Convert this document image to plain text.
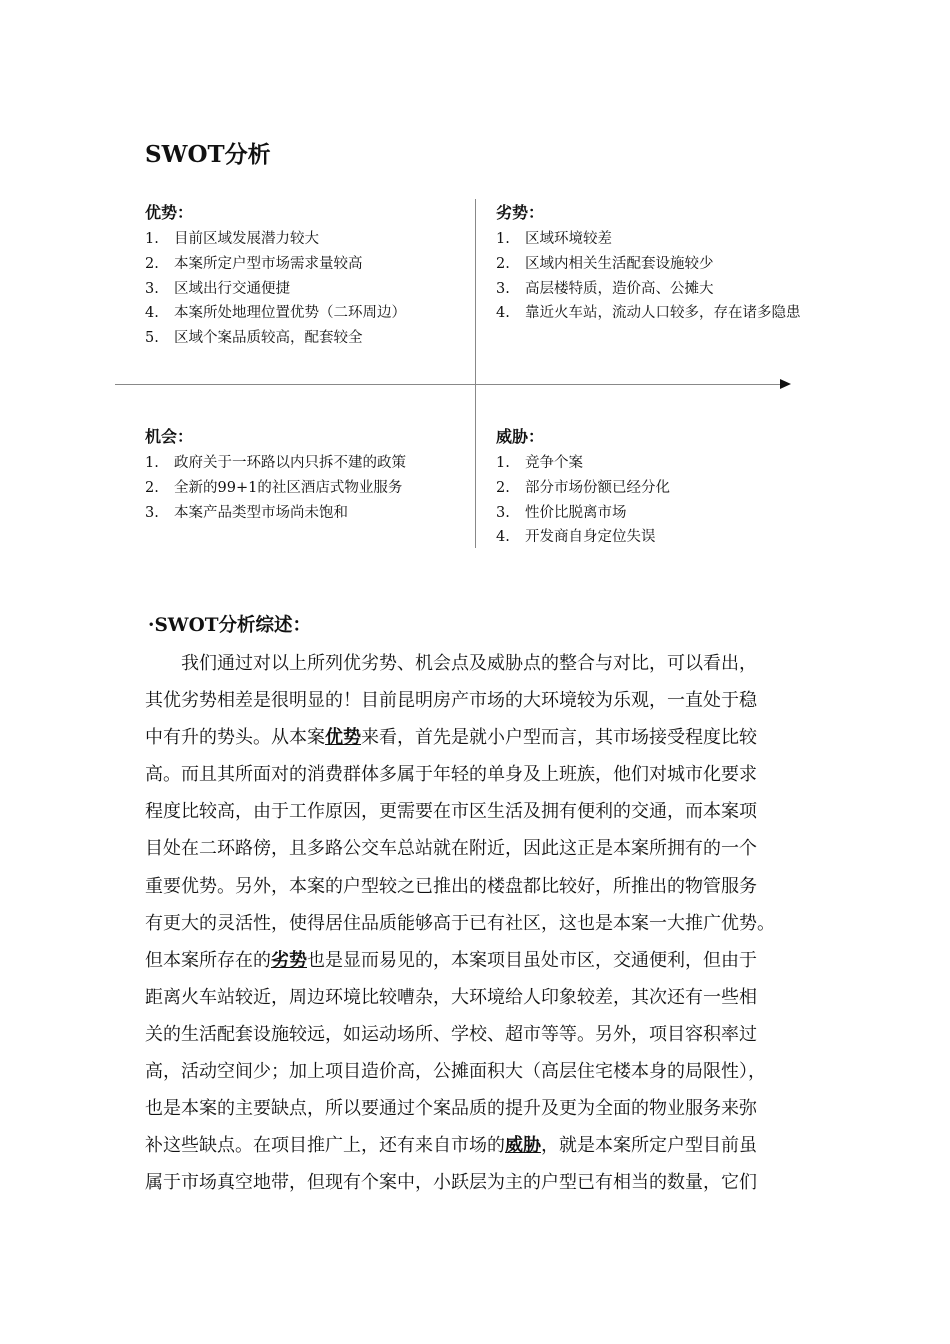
SWOT分析
优势：
1.	目前区域发展潜力较大
2.	本案所定户型市场需求量较高
3.	区域出行交通便捷
4.	本案所处地理位置优势（二环周边）
5.	区域个案品质较高，配套较全
劣势：
1.	区域环境较差
2.	区域内相关生活配套设施较少
3.	高层楼特质，造价高、公摊大
4.	靠近火车站，流动人口较多，存在诸多隐患
机会：
1.	政府关于一环路以内只拆不建的政策
2.	全新的99+1的社区酒店式物业服务
3.	本案产品类型市场尚未饱和
威胁：
1.	竞争个案
2.	部分市场份额已经分化
3.	性价比脱离市场
4.	开发商自身定位失误
·SWOT分析综述：
　　我们通过对以上所列优劣势、机会点及威胁点的整合与对比，可以看出，
其优劣势相差是很明显的！目前昆明房产市场的大环境较为乐观，一直处于稳
中有升的势头。从本案优势来看，首先是就小户型而言，其市场接受程度比较
高。而且其所面对的消费群体多属于年轻的单身及上班族，他们对城市化要求
程度比较高，由于工作原因，更需要在市区生活及拥有便利的交通，而本案项
目处在二环路傍，且多路公交车总站就在附近，因此这正是本案所拥有的一个
重要优势。另外，本案的户型较之已推出的楼盘都比较好，所推出的物管服务
有更大的灵活性，使得居住品质能够高于已有社区，这也是本案一大推广优势。
但本案所存在的劣势也是显而易见的，本案项目虽处市区，交通便利，但由于
距离火车站较近，周边环境比较嘈杂，大环境给人印象较差，其次还有一些相
关的生活配套设施较远，如运动场所、学校、超市等等。另外，项目容积率过
高，活动空间少；加上项目造价高，公摊面积大（高层住宅楼本身的局限性），
也是本案的主要缺点，所以要通过个案品质的提升及更为全面的物业服务来弥
补这些缺点。在项目推广上，还有来自市场的威胁，就是本案所定户型目前虽
属于市场真空地带，但现有个案中，小跃层为主的户型已有相当的数量，它们
